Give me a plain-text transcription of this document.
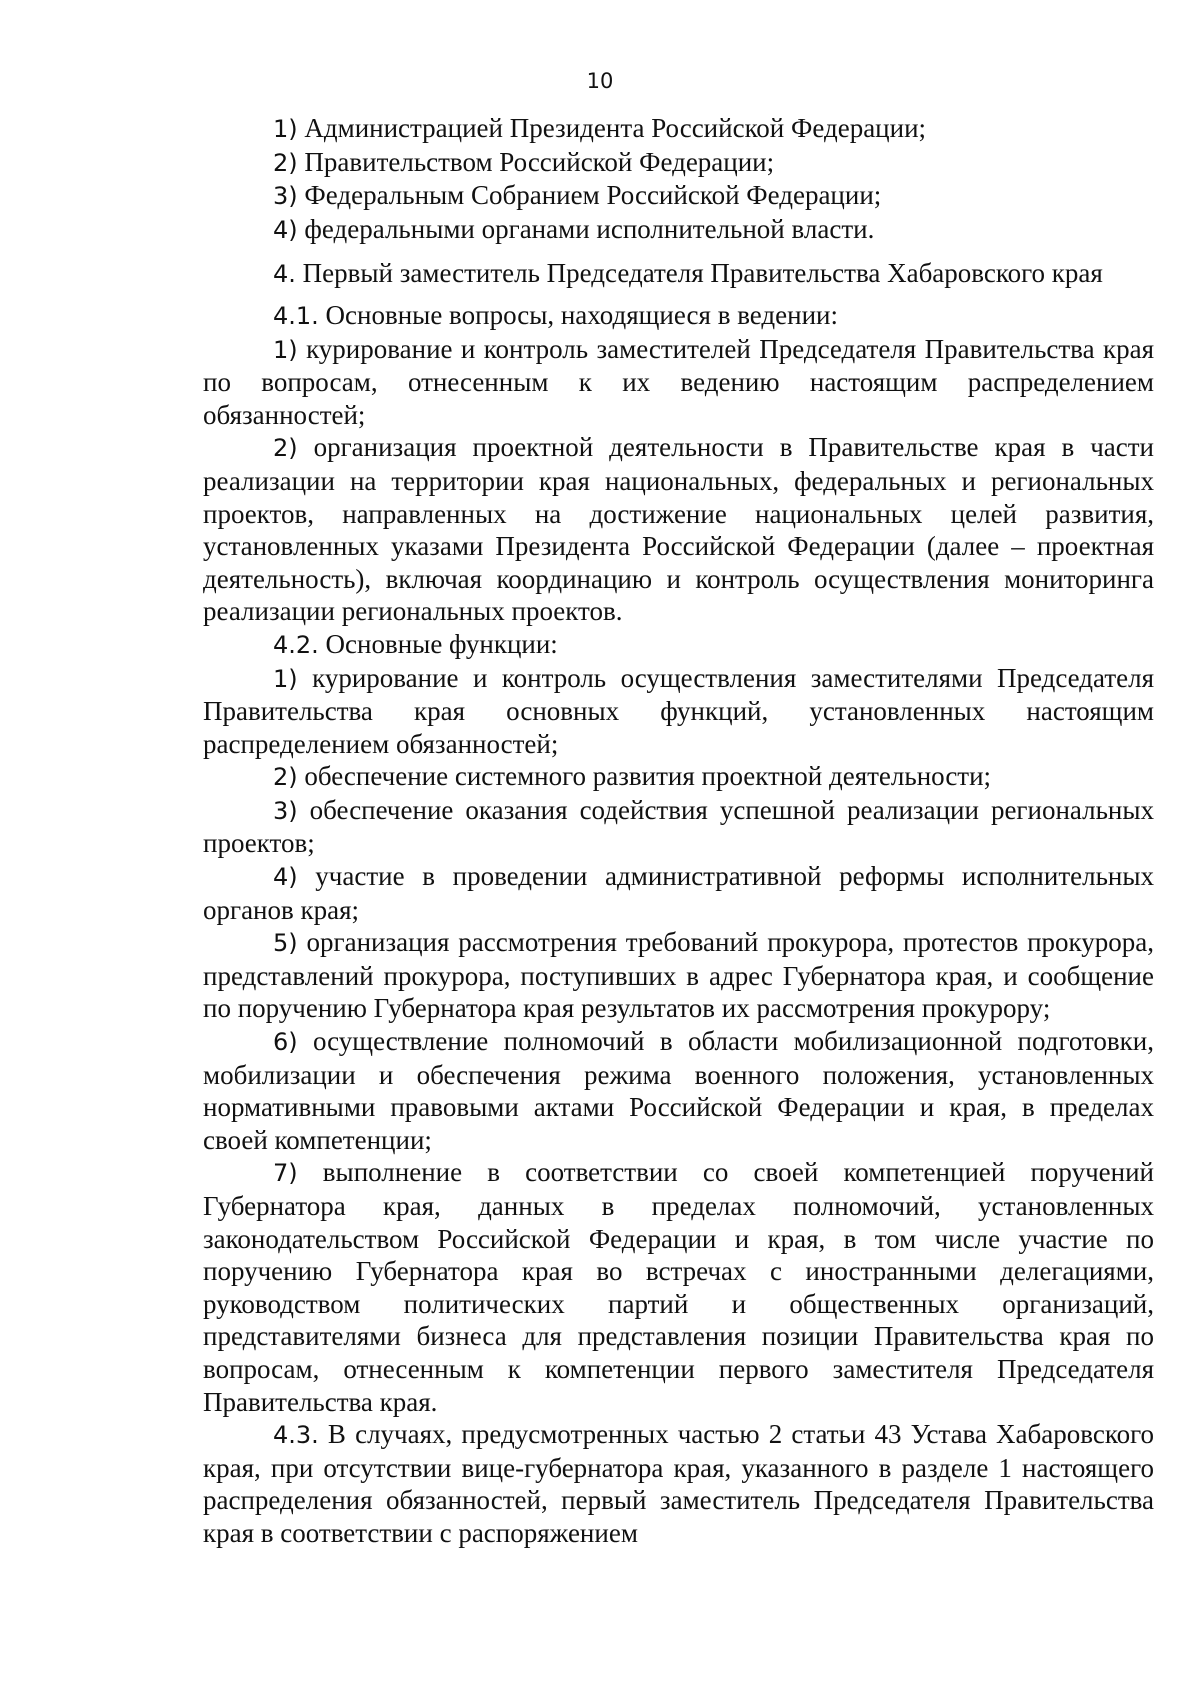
10

1) Администрацией Президента Российской Федерации;

2) Правительством Российской Федерации;

3) Федеральным Собранием Российской Федерации;

4) федеральными органами исполнительной власти.

4. Первый заместитель Председателя Правительства Хабаровского края

4.1. Основные вопросы, находящиеся в ведении:

1) курирование и контроль заместителей Председателя Правительства края по вопросам, отнесенным к их ведению настоящим распределением обязанностей;

2) организация проектной деятельности в Правительстве края в части реализации на территории края национальных, федеральных и региональных проектов, направленных на достижение национальных целей развития, установленных указами Президента Российской Федерации (далее – проектная деятельность), включая координацию и контроль осуществления мониторинга реализации региональных проектов.

4.2. Основные функции:

1) курирование и контроль осуществления заместителями Председателя Правительства края основных функций, установленных настоящим распределением обязанностей;

2) обеспечение системного развития проектной деятельности;

3) обеспечение оказания содействия успешной реализации региональных проектов;

4) участие в проведении административной реформы исполнительных органов края;

5) организация рассмотрения требований прокурора, протестов прокурора, представлений прокурора, поступивших в адрес Губернатора края, и сообщение по поручению Губернатора края результатов их рассмотрения прокурору;

6) осуществление полномочий в области мобилизационной подготовки, мобилизации и обеспечения режима военного положения, установленных нормативными правовыми актами Российской Федерации и края, в пределах своей компетенции;

7) выполнение в соответствии со своей компетенцией поручений Губернатора края, данных в пределах полномочий, установленных законодательством Российской Федерации и края, в том числе участие по поручению Губернатора края во встречах с иностранными делегациями, руководством политических партий и общественных организаций, представителями бизнеса для представления позиции Правительства края по вопросам, отнесенным к компетенции первого заместителя Председателя Правительства края.

4.3. В случаях, предусмотренных частью 2 статьи 43 Устава Хабаровского края, при отсутствии вице-губернатора края, указанного в разделе 1 настоящего распределения обязанностей, первый заместитель Председателя Правительства края в соответствии с распоряжением
